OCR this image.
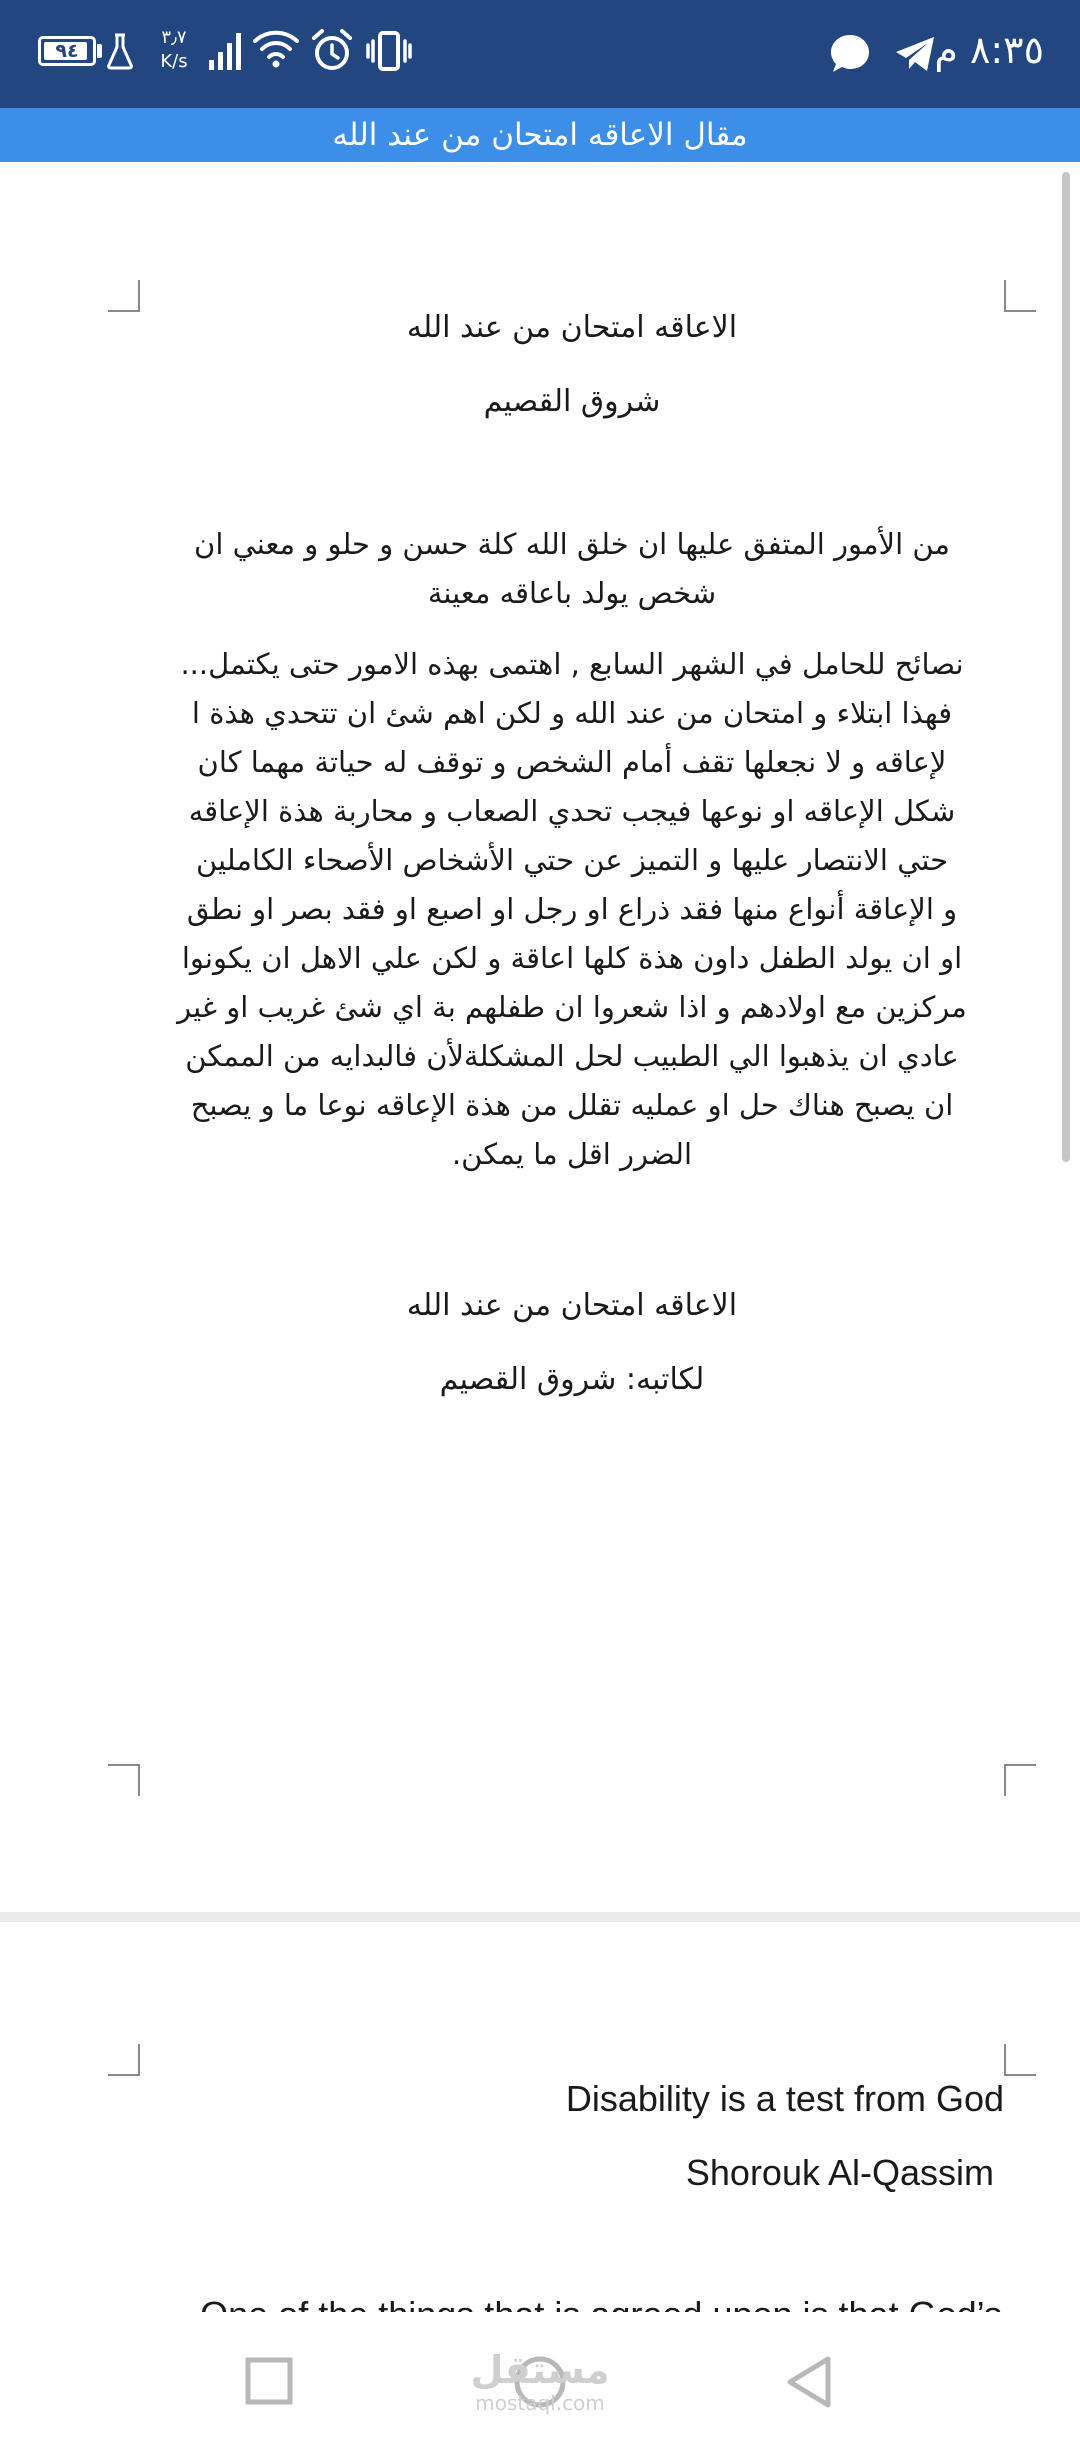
٨:٣٥ م
٩٤
٣٫٧
K/s
مقال الاعاقه امتحان من عند الله
الاعاقه امتحان من عند الله
شروق القصيم
من الأمور المتفق عليها ان خلق الله كلة حسن و حلو و معني ان
شخص يولد باعاقه معينة
نصائح للحامل في الشهر السابع , اهتمى بهذه الامور حتى يكتمل...
فهذا ابتلاء و امتحان من عند الله و لكن اهم شئ ان تتحدي هذة ا
لإعاقه و لا نجعلها تقف أمام الشخص و توقف له حياتة مهما كان
شكل الإعاقه او نوعها فيجب تحدي الصعاب و محاربة هذة الإعاقه
حتي الانتصار عليها و التميز عن حتي الأشخاص الأصحاء الكاملين
و الإعاقة أنواع منها فقد ذراع او رجل او اصبع او فقد بصر او نطق
او ان يولد الطفل داون هذة كلها اعاقة و لكن علي الاهل ان يكونوا
مركزين مع اولادهم و اذا شعروا ان طفلهم بة اي شئ غريب او غير
عادي ان يذهبوا الي الطبيب لحل المشكلةلأن فالبدايه من الممكن
ان يصبح هناك حل او عمليه تقلل من هذة الإعاقه نوعا ما و يصبح
الضرر اقل ما يمكن.
الاعاقه امتحان من عند الله
لكاتبه: شروق القصيم
Disability is a test from God
Shorouk Al-Qassim
مستقل
mostaql.com
